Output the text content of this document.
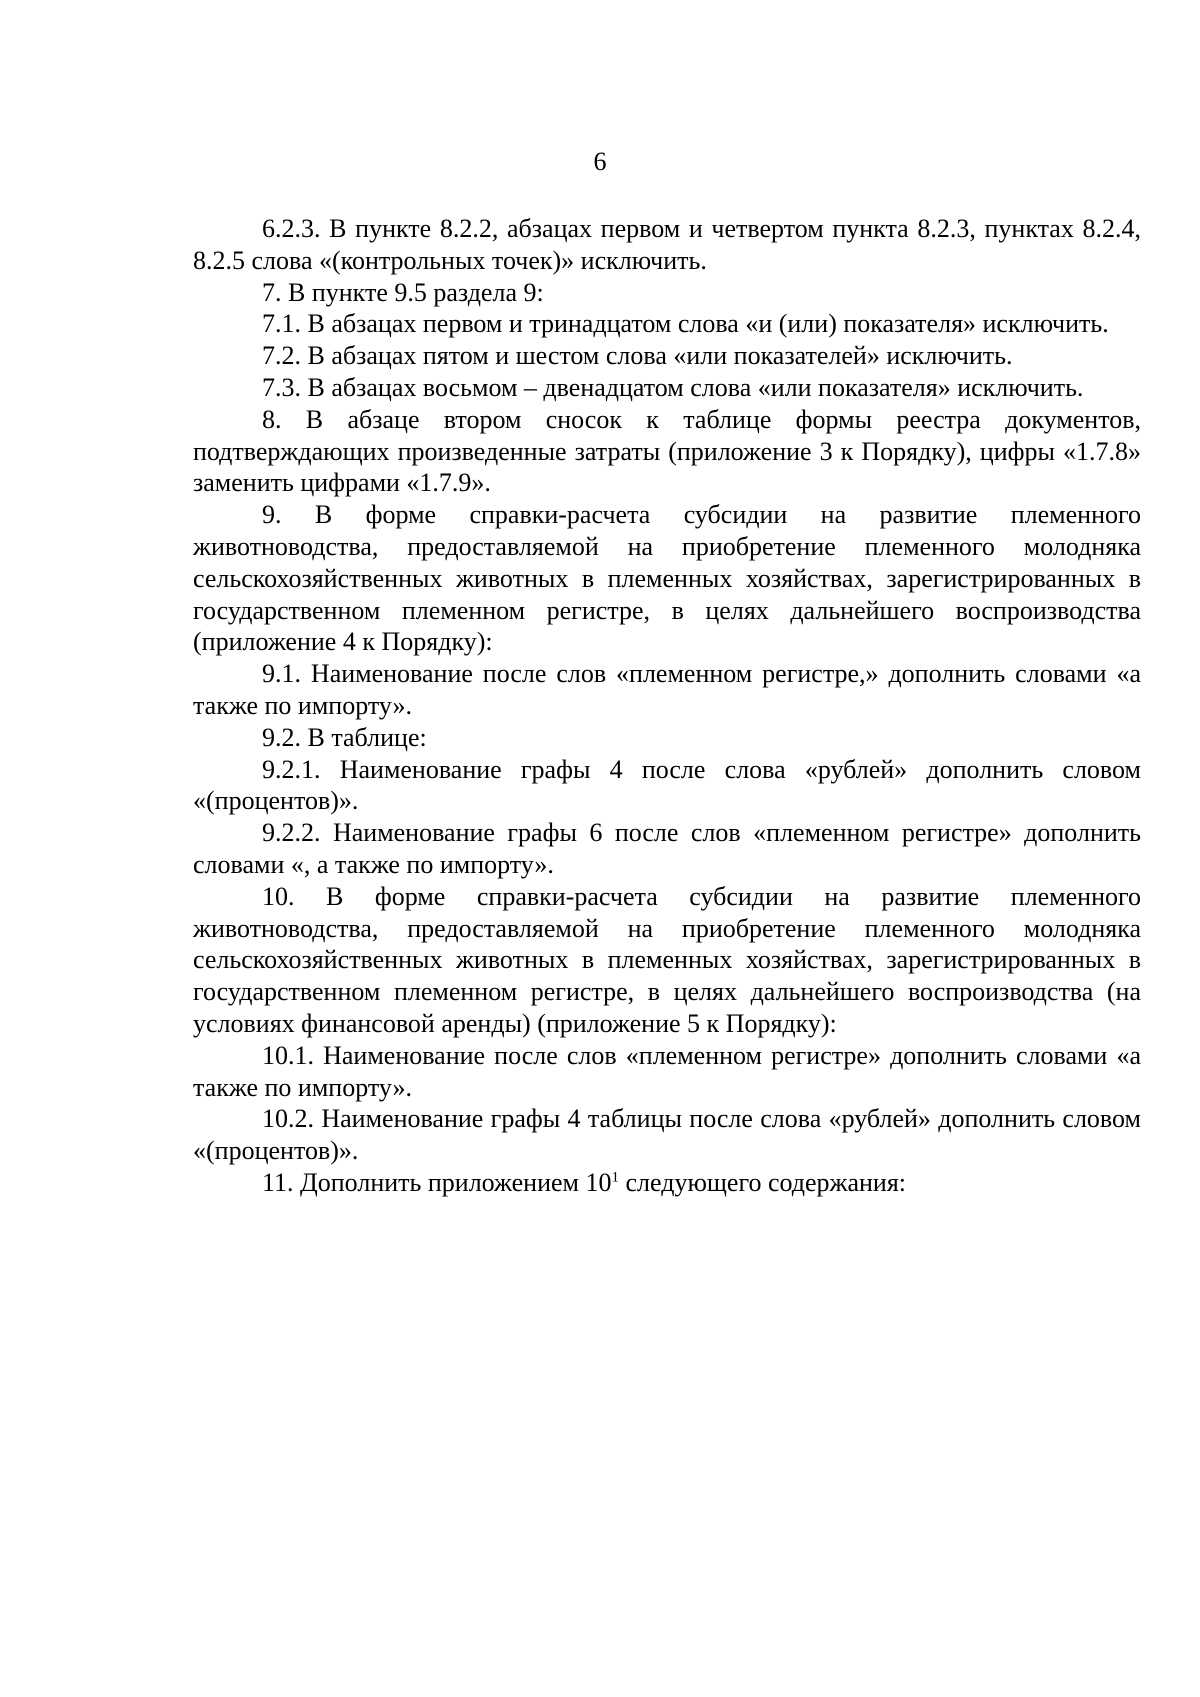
6

6.2.3. В пункте 8.2.2, абзацах первом и четвертом пункта 8.2.3, пунктах 8.2.4, 8.2.5 слова «(контрольных точек)» исключить.

7. В пункте 9.5 раздела 9:

7.1. В абзацах первом и тринадцатом слова «и (или) показателя» исключить.

7.2. В абзацах пятом и шестом слова «или показателей» исключить.

7.3. В абзацах восьмом – двенадцатом слова «или показателя» исключить.

8. В абзаце втором сносок к таблице формы реестра документов, подтверждающих произведенные затраты (приложение 3 к Порядку), цифры «1.7.8» заменить цифрами «1.7.9».

9. В форме справки-расчета субсидии на развитие племенного животноводства, предоставляемой на приобретение племенного молодняка сельскохозяйственных животных в племенных хозяйствах, зарегистрированных в государственном племенном регистре, в целях дальнейшего воспроизводства (приложение 4 к Порядку):

9.1. Наименование после слов «племенном регистре,» дополнить словами «а также по импорту».

9.2. В таблице:

9.2.1. Наименование графы 4 после слова «рублей» дополнить словом «(процентов)».

9.2.2. Наименование графы 6 после слов «племенном регистре» дополнить словами «, а также по импорту».

10. В форме справки-расчета субсидии на развитие племенного животноводства, предоставляемой на приобретение племенного молодняка сельскохозяйственных животных в племенных хозяйствах, зарегистрированных в государственном племенном регистре, в целях дальнейшего воспроизводства (на условиях финансовой аренды) (приложение 5 к Порядку):

10.1. Наименование после слов «племенном регистре» дополнить словами «а также по импорту».

10.2. Наименование графы 4 таблицы после слова «рублей» дополнить словом «(процентов)».

11. Дополнить приложением $10^1$ следующего содержания:
